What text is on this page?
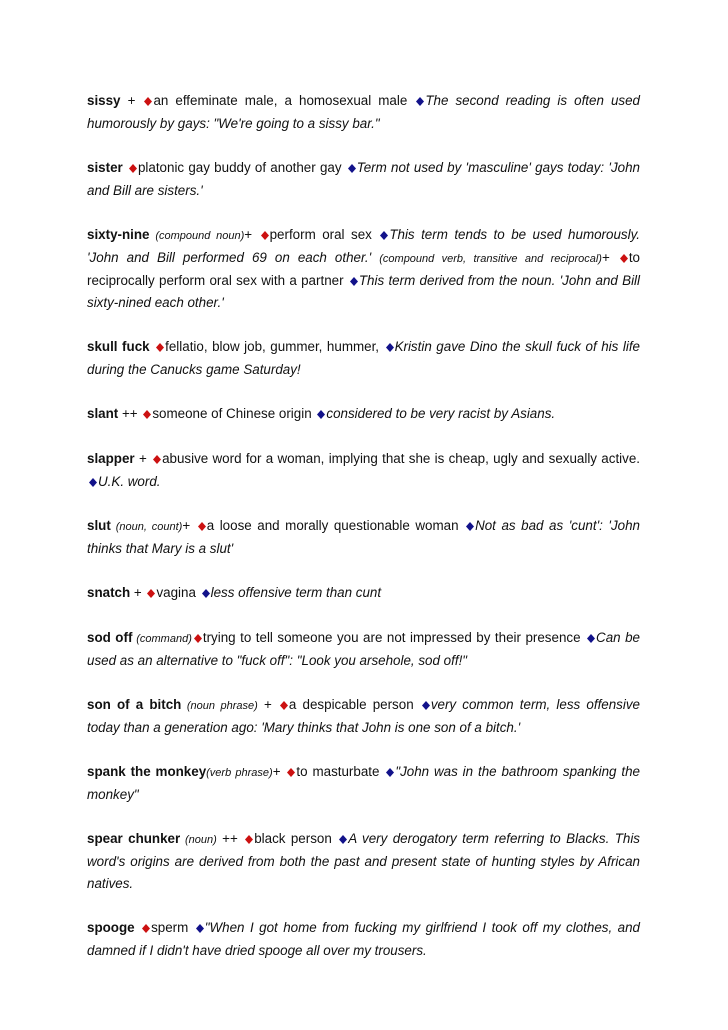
sissy +
an effeminate male, a homosexual male
The second reading is often used humorously by gays: "We're going to a sissy bar."

sister platonic gay buddy of another gay
Term not used by 'masculine' gays today: 'John and Bill are sisters.'

sixty-nine (compound noun)+
perform oral sex
This term tends to be used humorously. 'John and Bill performed 69 on each other.' (compound verb, transitive and reciprocal)+
to reciprocally perform oral sex with a partner
This term derived from the noun. 'John and Bill sixty-nined each other.'

skull fuck fellatio, blow job, gummer, hummer,
Kristin gave Dino the skull fuck of his life during the Canucks game Saturday!

slant ++
someone of Chinese origin
considered to be very racist by Asians.

slapper +
abusive word for a woman, implying that she is cheap, ugly and sexually active.
U.K. word.

slut (noun, count)+
a loose and morally questionable woman
Not as bad as 'cunt': 'John thinks that Mary is a slut'

snatch +
vagina
less offensive term than cunt

sod off (command) trying to tell someone you are not impressed by their presence
Can be used as an alternative to "fuck off": "Look you arsehole, sod off!"

son of a bitch (noun phrase) +
a despicable person
very common term, less offensive today than a generation ago: 'Mary thinks that John is one son of a bitch.'

spank the monkey(verb phrase)+
to masturbate
"John was in the bathroom spanking the monkey"

spear chunker (noun) ++
black person
A very derogatory term referring to Blacks. This word's origins are derived from both the past and present state of hunting styles by African natives.

spooge sperm
"When I got home from fucking my girlfriend I took off my clothes, and damned if I didn't have dried spooge all over my trousers.
